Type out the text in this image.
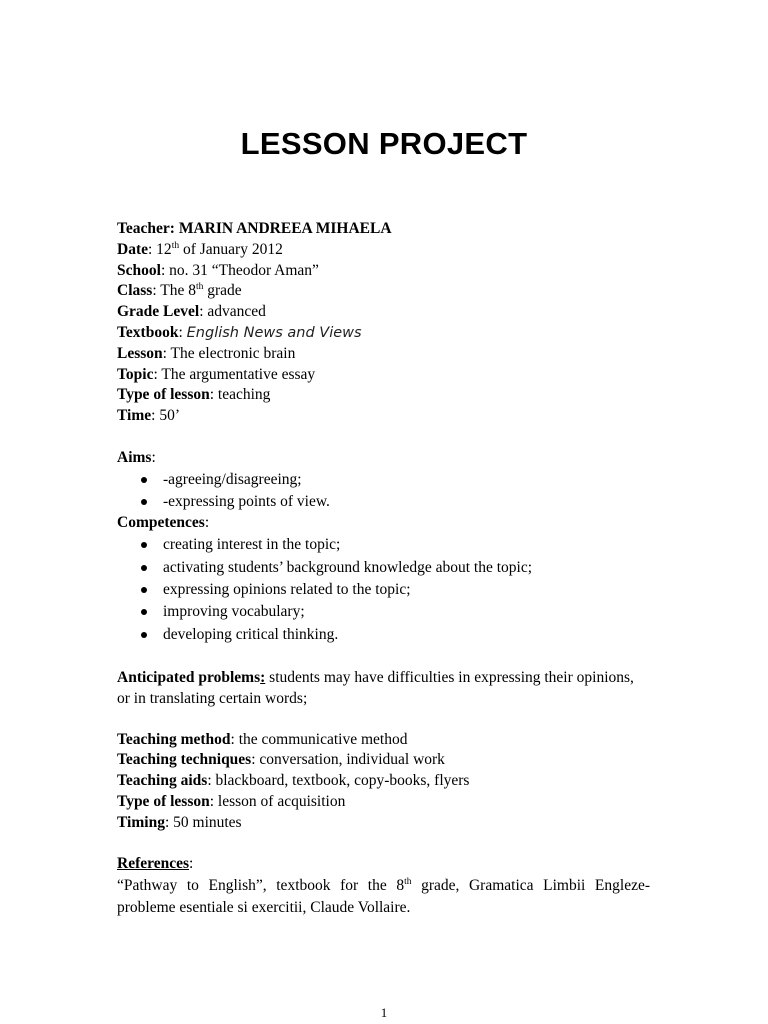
LESSON PROJECT
Teacher: MARIN ANDREEA MIHAELA
Date: 12th of January 2012
School: no. 31 “Theodor Aman”
Class: The 8th grade
Grade Level: advanced
Textbook: English News and Views
Lesson: The electronic brain
Topic: The argumentative essay
Type of lesson: teaching
Time: 50’
Aims:
-agreeing/disagreeing;
-expressing points of view.
Competences:
creating interest in the topic;
activating students’ background knowledge about the topic;
expressing opinions related to the topic;
improving vocabulary;
developing critical thinking.
Anticipated problems: students may have difficulties in expressing their opinions, or in translating certain words;
Teaching method: the communicative method
Teaching techniques: conversation, individual work
Teaching aids: blackboard, textbook, copy-books, flyers
Type of lesson: lesson of acquisition
Timing: 50 minutes
References:
“Pathway to English”, textbook for the 8th grade, Gramatica Limbii Engleze-probleme esentiale si exercitii, Claude Vollaire.
1
